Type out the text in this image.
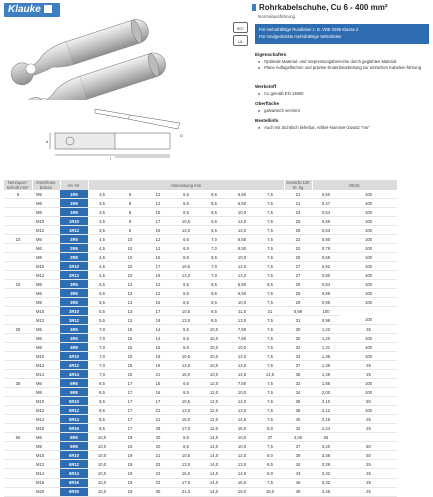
Klauke
d
l
D
Rohrkabelschuhe, Cu 6 - 400 mm²
Normalausführung
IEC
UL
Für mehrdrähtige Rundleiter z. B. VDE 0295 Klasse 2
Für rundgedrückte mehrdrähtige Sektorleiter
Eigenschaften
■ Optimale Material- und Verpressungsbereiche durch geglühtes Material
■ Plane Auflageflächen und präzise Endenbearbeitung zur einfachen Kabelein-führung
Werkstoff
■ Cu gemäß EN 13600
Oberfläche
■ galvanisch verzinnt
Bestellinfo
■ Auch mit Sichtloch lieferbar, Artikel-Nummer-Zusatz "ms"
Nennquer-schnitt mm²	Anschluss-bolzen	Art.-Nr.	Abmessung mm							Gewicht 100 St. kg	VE/St.	
6	M5	1R5	3,5	8	12	6,5	8,5	6,50	7,5	21	0,50	100
	M6	1R6	3,5	8	12	6,5	8,5	6,50	7,5	21	0,47	100
	M8	1R8	3,5	8	15	8,5	8,5	10,0	7,5	23	0,54	100
	M10	1R10	3,5	8	17	10,5	6,5	12,0	7,5	25	0,59	100
	M12	1R12	3,5	8	19	13,0	6,5	13,0	7,5	28	0,63	100
10	M5	2R5	4,5	10	12	6,5	7,0	6,50	7,5	22	0,80	100
	M6	2R6	4,5	10	12	6,5	7,0	6,50	7,5	22	0,79	100
	M8	2R8	4,5	10	15	8,5	8,5	10,0	7,5	25	0,58	100
	M10	2R10	4,5	10	17	10,5	7,0	12,0	7,5	27	0,82	100
	M12	2R12	4,5	10	19	13,0	7,0	13,0	7,5	27	0,80	100
16	M5	3R5	5,5	13	12	5,5	8,5	5,50	8,5	26	0,84	100
	M6	3R6	5,5	13	12	6,5	8,5	6,50	7,5	26	0,88	100
	M8	3R8	5,5	13	15	8,5	8,5	10,0	7,5	29	0,95	100
	M10	3R10	5,5	13	17	10,5	8,5	11,5	31	0,99	100	
	M12	3R12	5,5	13	19	13,0	8,5	13,0	7,5	31	0,98	100
25	M5	4R5	7,0	15	14	5,5	10,0	7,50	7,5	30	1,22	25
	M6	4R6	7,0	15	14	6,5	10,0	7,50	7,5	30	1,20	100
	M8	4R8	7,0	15	16	8,5	10,0	10,0	7,5	32	1,31	100
	M10	4R10	7,0	15	19	10,5	10,0	12,0	7,5	34	1,36	100
	M12	4R12	7,0	15	19	13,0	10,0	13,0	7,5	37	1,39	25
	M14	4R14	7,0	15	21	15,0	10,0	14,5	14,5	38	1,49	25
35	M6	5R6	8,5	17	15	6,5	12,0	7,50	7,5	32	1,85	100
	M8	5R8	8,5	17	16	8,5	12,0	10,0	7,5	34	2,00	100
	M10	5R10	8,5	17	17	10,5	12,0	12,0	7,5	36	2,10	50
	M12	5R12	8,5	17	21	13,0	12,0	13,0	7,5	38	2,12	100
	M14	5R14	8,5	17	21	15,0	12,0	14,5	7,5	40	2,18	25
	M16	5R16	8,5	17	28	17,0	12,0	16,0	8,0	42	2,24	25
50	M6	6R6	10,0	19	20	6,5	14,0	10,0	37	3,00	25	
	M8	6R8	10,0	19	20	8,5	14,0	10,0	7,5	37	3,20	50
	M10	6R10	10,0	19	21	10,5	14,0	12,0	8,0	39	3,38	50
	M12	6R12	10,0	19	23	13,0	14,0	13,0	8,5	42	3,36	25
	M14	6R14	10,0	19	23	15,0	14,0	14,5	8,0	43	3,32	25
	M16	6R16	10,0	19	23	17,0	14,0	16,0	7,5	46	3,32	25
	M20	6R20	10,0	19	30	21,0	14,0	19,0	19,0	48	3,46	25
